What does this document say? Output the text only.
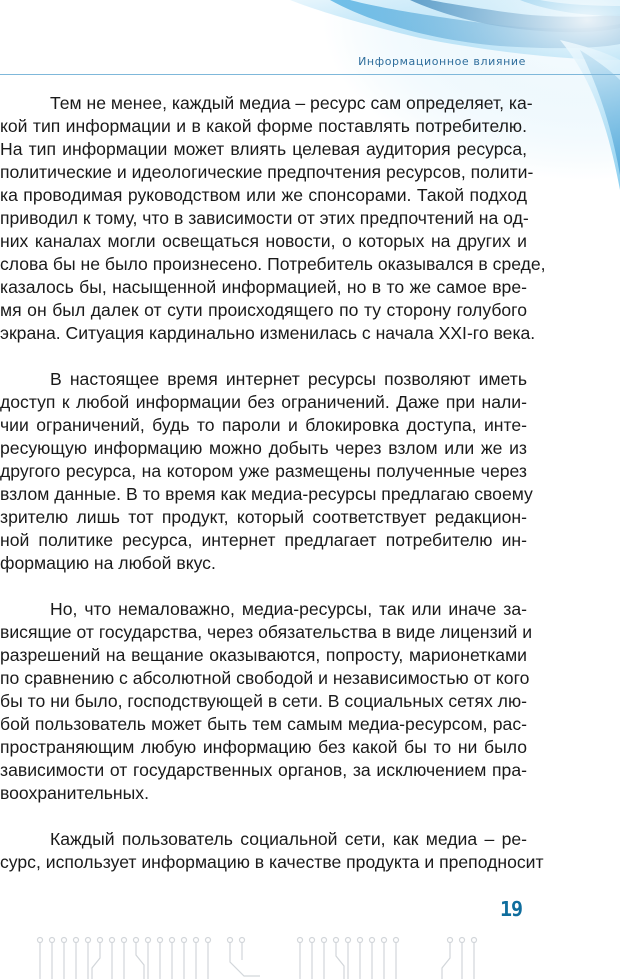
Информационное влияние

Тем не менее, каждый медиа – ресурс сам определяет, ка-
кой тип информации и в какой форме поставлять потребителю.
На тип информации может влиять целевая аудитория ресурса,
политические и идеологические предпочтения ресурсов, полити-
ка проводимая руководством или же спонсорами. Такой подход
приводил к тому, что в зависимости от этих предпочтений на од-
них каналах могли освещаться новости, о которых на других и
слова бы не было произнесено. Потребитель оказывался в среде,
казалось бы, насыщенной информацией, но в то же самое вре-
мя он был далек от сути происходящего по ту сторону голубого
экрана. Ситуация кардинально изменилась с начала XXI-го века.

В настоящее время интернет ресурсы позволяют иметь
доступ к любой информации без ограничений. Даже при нали-
чии ограничений, будь то пароли и блокировка доступа, инте-
ресующую информацию можно добыть через взлом или же из
другого ресурса, на котором уже размещены полученные через
взлом данные. В то время как медиа-ресурсы предлагаю своему
зрителю лишь тот продукт, который соответствует редакцион-
ной политике ресурса, интернет предлагает потребителю ин-
формацию на любой вкус.

Но, что немаловажно, медиа-ресурсы, так или иначе за-
висящие от государства, через обязательства в виде лицензий и
разрешений на вещание оказываются, попросту, марионетками
по сравнению с абсолютной свободой и независимостью от кого
бы то ни было, господствующей в сети. В социальных сетях лю-
бой пользователь может быть тем самым медиа-ресурсом, рас-
пространяющим любую информацию без какой бы то ни было
зависимости от государственных органов, за исключением пра-
воохранительных.

Каждый пользователь социальной сети, как медиа – ре-
сурс, использует информацию в качестве продукта и преподносит

19
